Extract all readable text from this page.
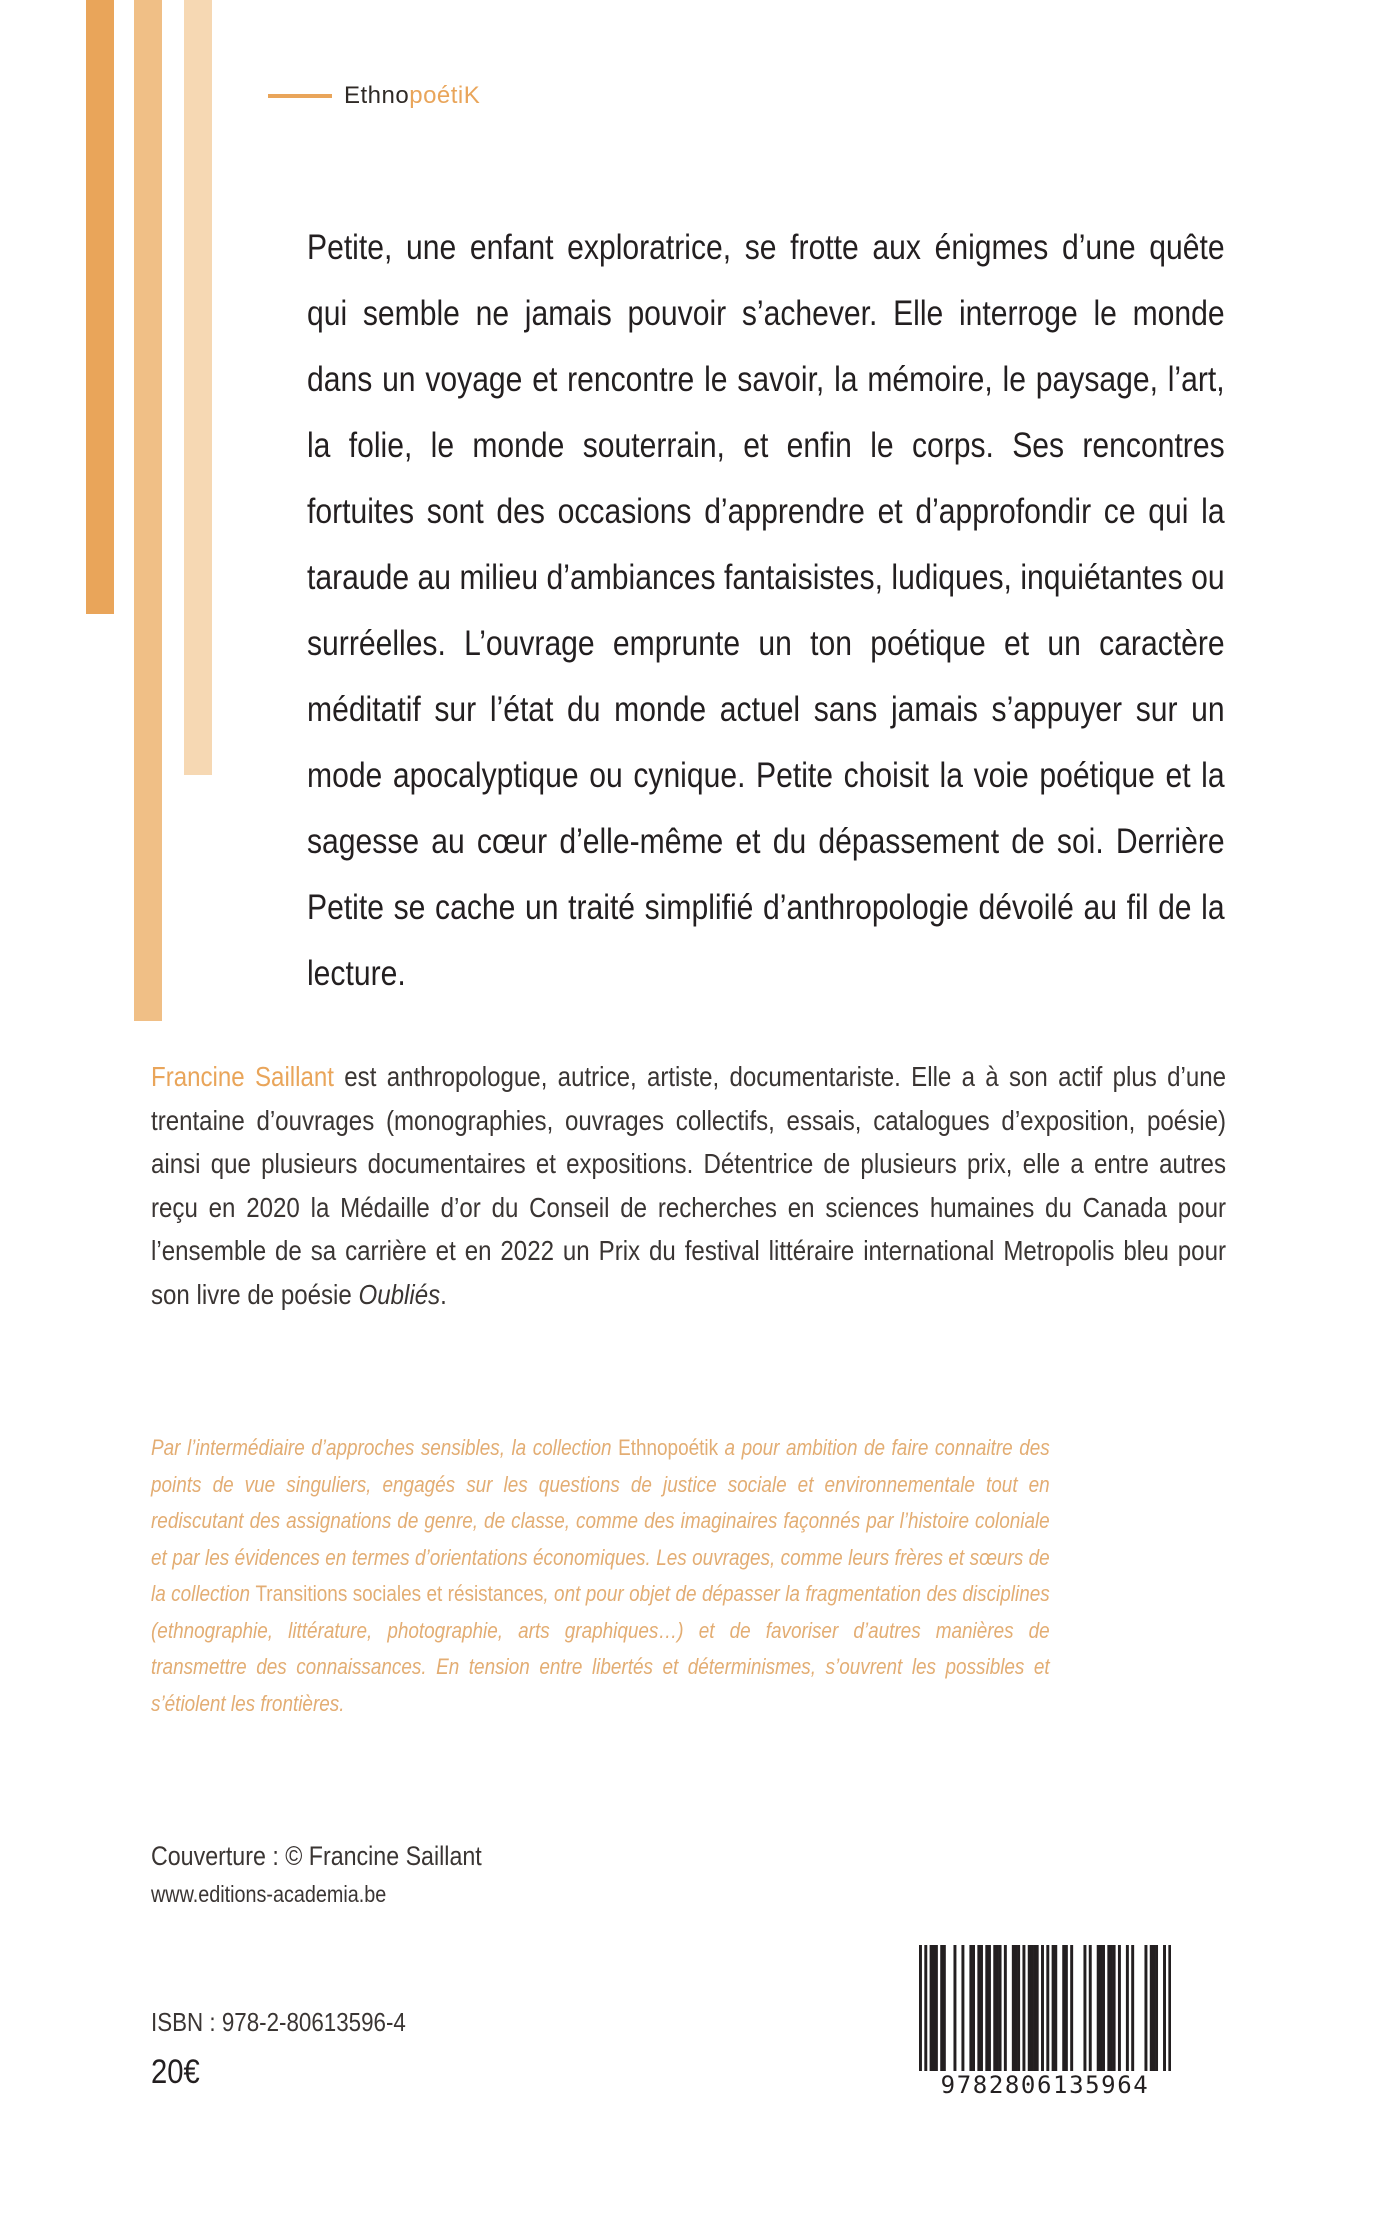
EthnopoétiK

Petite, une enfant exploratrice, se frotte aux énigmes d’une quête qui semble ne jamais pouvoir s’achever. Elle interroge le monde dans un voyage et rencontre le savoir, la mémoire, le paysage, l’art, la folie, le monde souterrain, et enfin le corps. Ses rencontres fortuites sont des occasions d’apprendre et d’approfondir ce qui la taraude au milieu d’ambiances fantaisistes, ludiques, inquiétantes ou surréelles. L’ouvrage emprunte un ton poétique et un caractère méditatif sur l’état du monde actuel sans jamais s’appuyer sur un mode apocalyptique ou cynique. Petite choisit la voie poétique et la sagesse au cœur d’elle-même et du dépassement de soi. Derrière Petite se cache un traité simplifié d’anthropologie dévoilé au fil de la lecture.

Francine Saillant est anthropologue, autrice, artiste, documentariste. Elle a à son actif plus d’une trentaine d’ouvrages (monographies, ouvrages collectifs, essais, catalogues d’exposition, poésie) ainsi que plusieurs documentaires et expositions. Détentrice de plusieurs prix, elle a entre autres reçu en 2020 la Médaille d’or du Conseil de recherches en sciences humaines du Canada pour l’ensemble de sa carrière et en 2022 un Prix du festival littéraire international Metropolis bleu pour son livre de poésie Oubliés.

Par l’intermédiaire d’approches sensibles, la collection Ethnopoétik a pour ambition de faire connaitre des points de vue singuliers, engagés sur les questions de justice sociale et environnementale tout en rediscutant des assignations de genre, de classe, comme des imaginaires façonnés par l’histoire coloniale et par les évidences en termes d’orientations économiques. Les ouvrages, comme leurs frères et sœurs de la collection Transitions sociales et résistances, ont pour objet de dépasser la fragmentation des disciplines (ethnographie, littérature, photographie, arts graphiques…) et de favoriser d’autres manières de transmettre des connaissances. En tension entre libertés et déterminismes, s’ouvrent les possibles et s’étiolent les frontières.

Couverture : © Francine Saillant
www.editions-academia.be
ISBN : 978-2-80613596-4
20€	9782806135964
